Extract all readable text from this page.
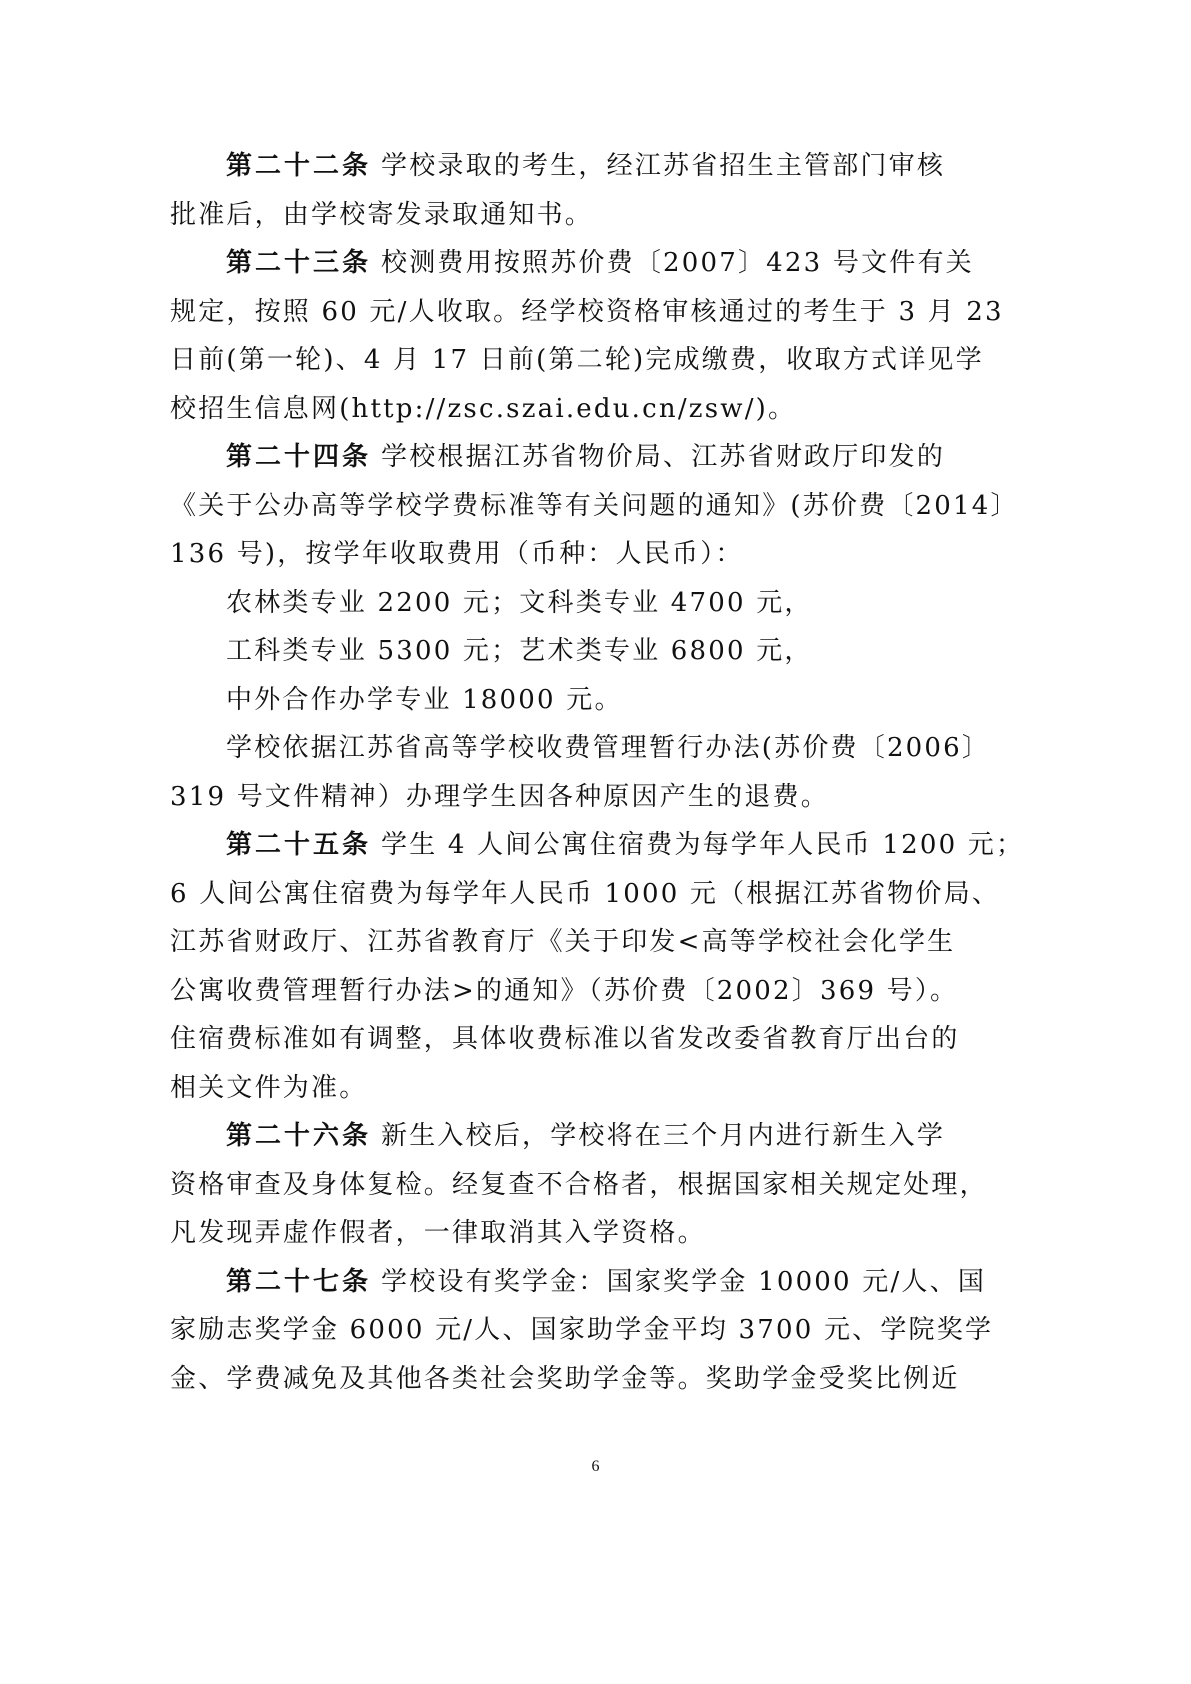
第二十二条 学校录取的考生，经江苏省招生主管部门审核
批准后，由学校寄发录取通知书。
第二十三条 校测费用按照苏价费〔2007〕423 号文件有关
规定，按照 60 元/人收取。经学校资格审核通过的考生于 3 月 23
日前(第一轮)、4 月 17 日前(第二轮)完成缴费，收取方式详见学
校招生信息网(http://zsc.szai.edu.cn/zsw/)。
第二十四条 学校根据江苏省物价局、江苏省财政厅印发的
《关于公办高等学校学费标准等有关问题的通知》(苏价费〔2014〕
136 号)，按学年收取费用（币种：人民币）：
农林类专业 2200 元；文科类专业 4700 元，
工科类专业 5300 元；艺术类专业 6800 元，
中外合作办学专业 18000 元。
学校依据江苏省高等学校收费管理暂行办法(苏价费〔2006〕
319 号文件精神）办理学生因各种原因产生的退费。
第二十五条 学生 4 人间公寓住宿费为每学年人民币 1200 元；
6 人间公寓住宿费为每学年人民币 1000 元（根据江苏省物价局、
江苏省财政厅、江苏省教育厅《关于印发<高等学校社会化学生
公寓收费管理暂行办法>的通知》（苏价费〔2002〕369 号）。
住宿费标准如有调整，具体收费标准以省发改委省教育厅出台的
相关文件为准。
第二十六条 新生入校后，学校将在三个月内进行新生入学
资格审查及身体复检。经复查不合格者，根据国家相关规定处理，
凡发现弄虚作假者，一律取消其入学资格。
第二十七条 学校设有奖学金：国家奖学金 10000 元/人、国
家励志奖学金 6000 元/人、国家助学金平均 3700 元、学院奖学
金、学费减免及其他各类社会奖助学金等。奖助学金受奖比例近
6
